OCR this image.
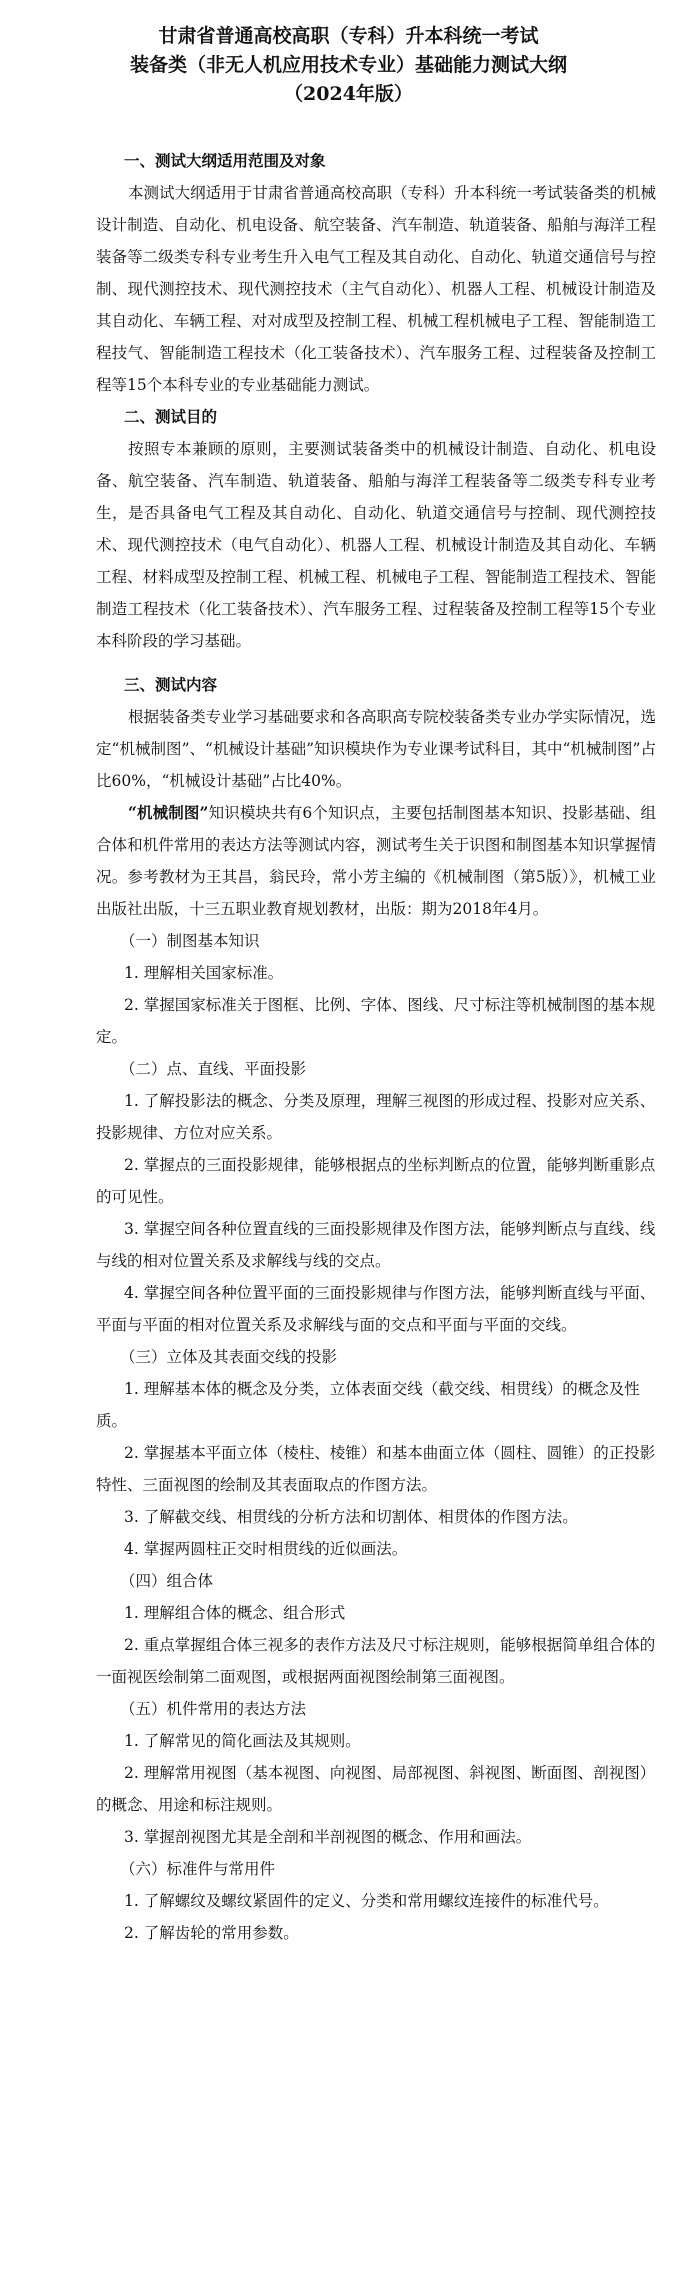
甘肃省普通高校高职（专科）升本科统一考试

装备类（非无人机应用技术专业）基础能力测试大纲

（2024年版）

一、测试大纲适用范围及对象

本测试大纲适用于甘肃省普通高校高职（专科）升本科统一考试装备类的机械设计制造、自动化、机电设备、航空装备、汽车制造、轨道装备、船舶与海洋工程装备等二级类专科专业考生升入电气工程及其自动化、自动化、轨道交通信号与控制、现代测控技术、现代测控技术（主气自动化）、机器人工程、机械设计制造及其自动化、车辆工程、对对成型及控制工程、机械工程机械电子工程、智能制造工程技气、智能制造工程技术（化工装备技术）、汽车服务工程、过程装备及控制工程等15个本科专业的专业基础能力测试。

二、测试目的

按照专本兼顾的原则，主要测试装备类中的机械设计制造、自动化、机电设备、航空装备、汽车制造、轨道装备、船舶与海洋工程装备等二级类专科专业考生，是否具备电气工程及其自动化、自动化、轨道交通信号与控制、现代测控技术、现代测控技术（电气自动化）、机器人工程、机械设计制造及其自动化、车辆工程、材料成型及控制工程、机械工程、机械电子工程、智能制造工程技术、智能制造工程技术（化工装备技术）、汽车服务工程、过程装备及控制工程等15个专业本科阶段的学习基础。

三、测试内容

根据装备类专业学习基础要求和各高职高专院校装备类专业办学实际情况，选定“机械制图”、“机械设计基础”知识模块作为专业课考试科目，其中“机械制图”占比60%，“机械设计基础”占比40%。

“机械制图”知识模块共有6个知识点，主要包括制图基本知识、投影基础、组合体和机件常用的表达方法等测试内容，测试考生关于识图和制图基本知识掌握情况。参考教材为王其昌，翁民玲，常小芳主编的《机械制图（第5版）》，机械工业出版社出版，十三五职业教育规划教材，出版：期为2018年4月。

（一）制图基本知识

1. 理解相关国家标准。

2. 掌握国家标准关于图框、比例、字体、图线、尺寸标注等机械制图的基本规定。

（二）点、直线、平面投影

1. 了解投影法的概念、分类及原理，理解三视图的形成过程、投影对应关系、投影规律、方位对应关系。

2. 掌握点的三面投影规律，能够根据点的坐标判断点的位置，能够判断重影点的可见性。

3. 掌握空间各种位置直线的三面投影规律及作图方法，能够判断点与直线、线与线的相对位置关系及求解线与线的交点。

4. 掌握空间各种位置平面的三面投影规律与作图方法，能够判断直线与平面、平面与平面的相对位置关系及求解线与面的交点和平面与平面的交线。

（三）立体及其表面交线的投影

1. 理解基本体的概念及分类，立体表面交线（截交线、相贯线）的概念及性质。

2. 掌握基本平面立体（棱柱、棱锥）和基本曲面立体（圆柱、圆锥）的正投影特性、三面视图的绘制及其表面取点的作图方法。

3. 了解截交线、相贯线的分析方法和切割体、相贯体的作图方法。

4. 掌握两圆柱正交时相贯线的近似画法。

（四）组合体

1. 理解组合体的概念、组合形式

2. 重点掌握组合体三视多的表作方法及尺寸标注规则，能够根据简单组合体的一面视医绘制第二面观图，或根据两面视图绘制第三面视图。

（五）机件常用的表达方法

1. 了解常见的简化画法及其规则。

2. 理解常用视图（基本视图、向视图、局部视图、斜视图、断面图、剖视图）的概念、用途和标注规则。

3. 掌握剖视图尤其是全剖和半剖视图的概念、作用和画法。

（六）标准件与常用件

1. 了解螺纹及螺纹紧固件的定义、分类和常用螺纹连接件的标准代号。

2. 了解齿轮的常用参数。
